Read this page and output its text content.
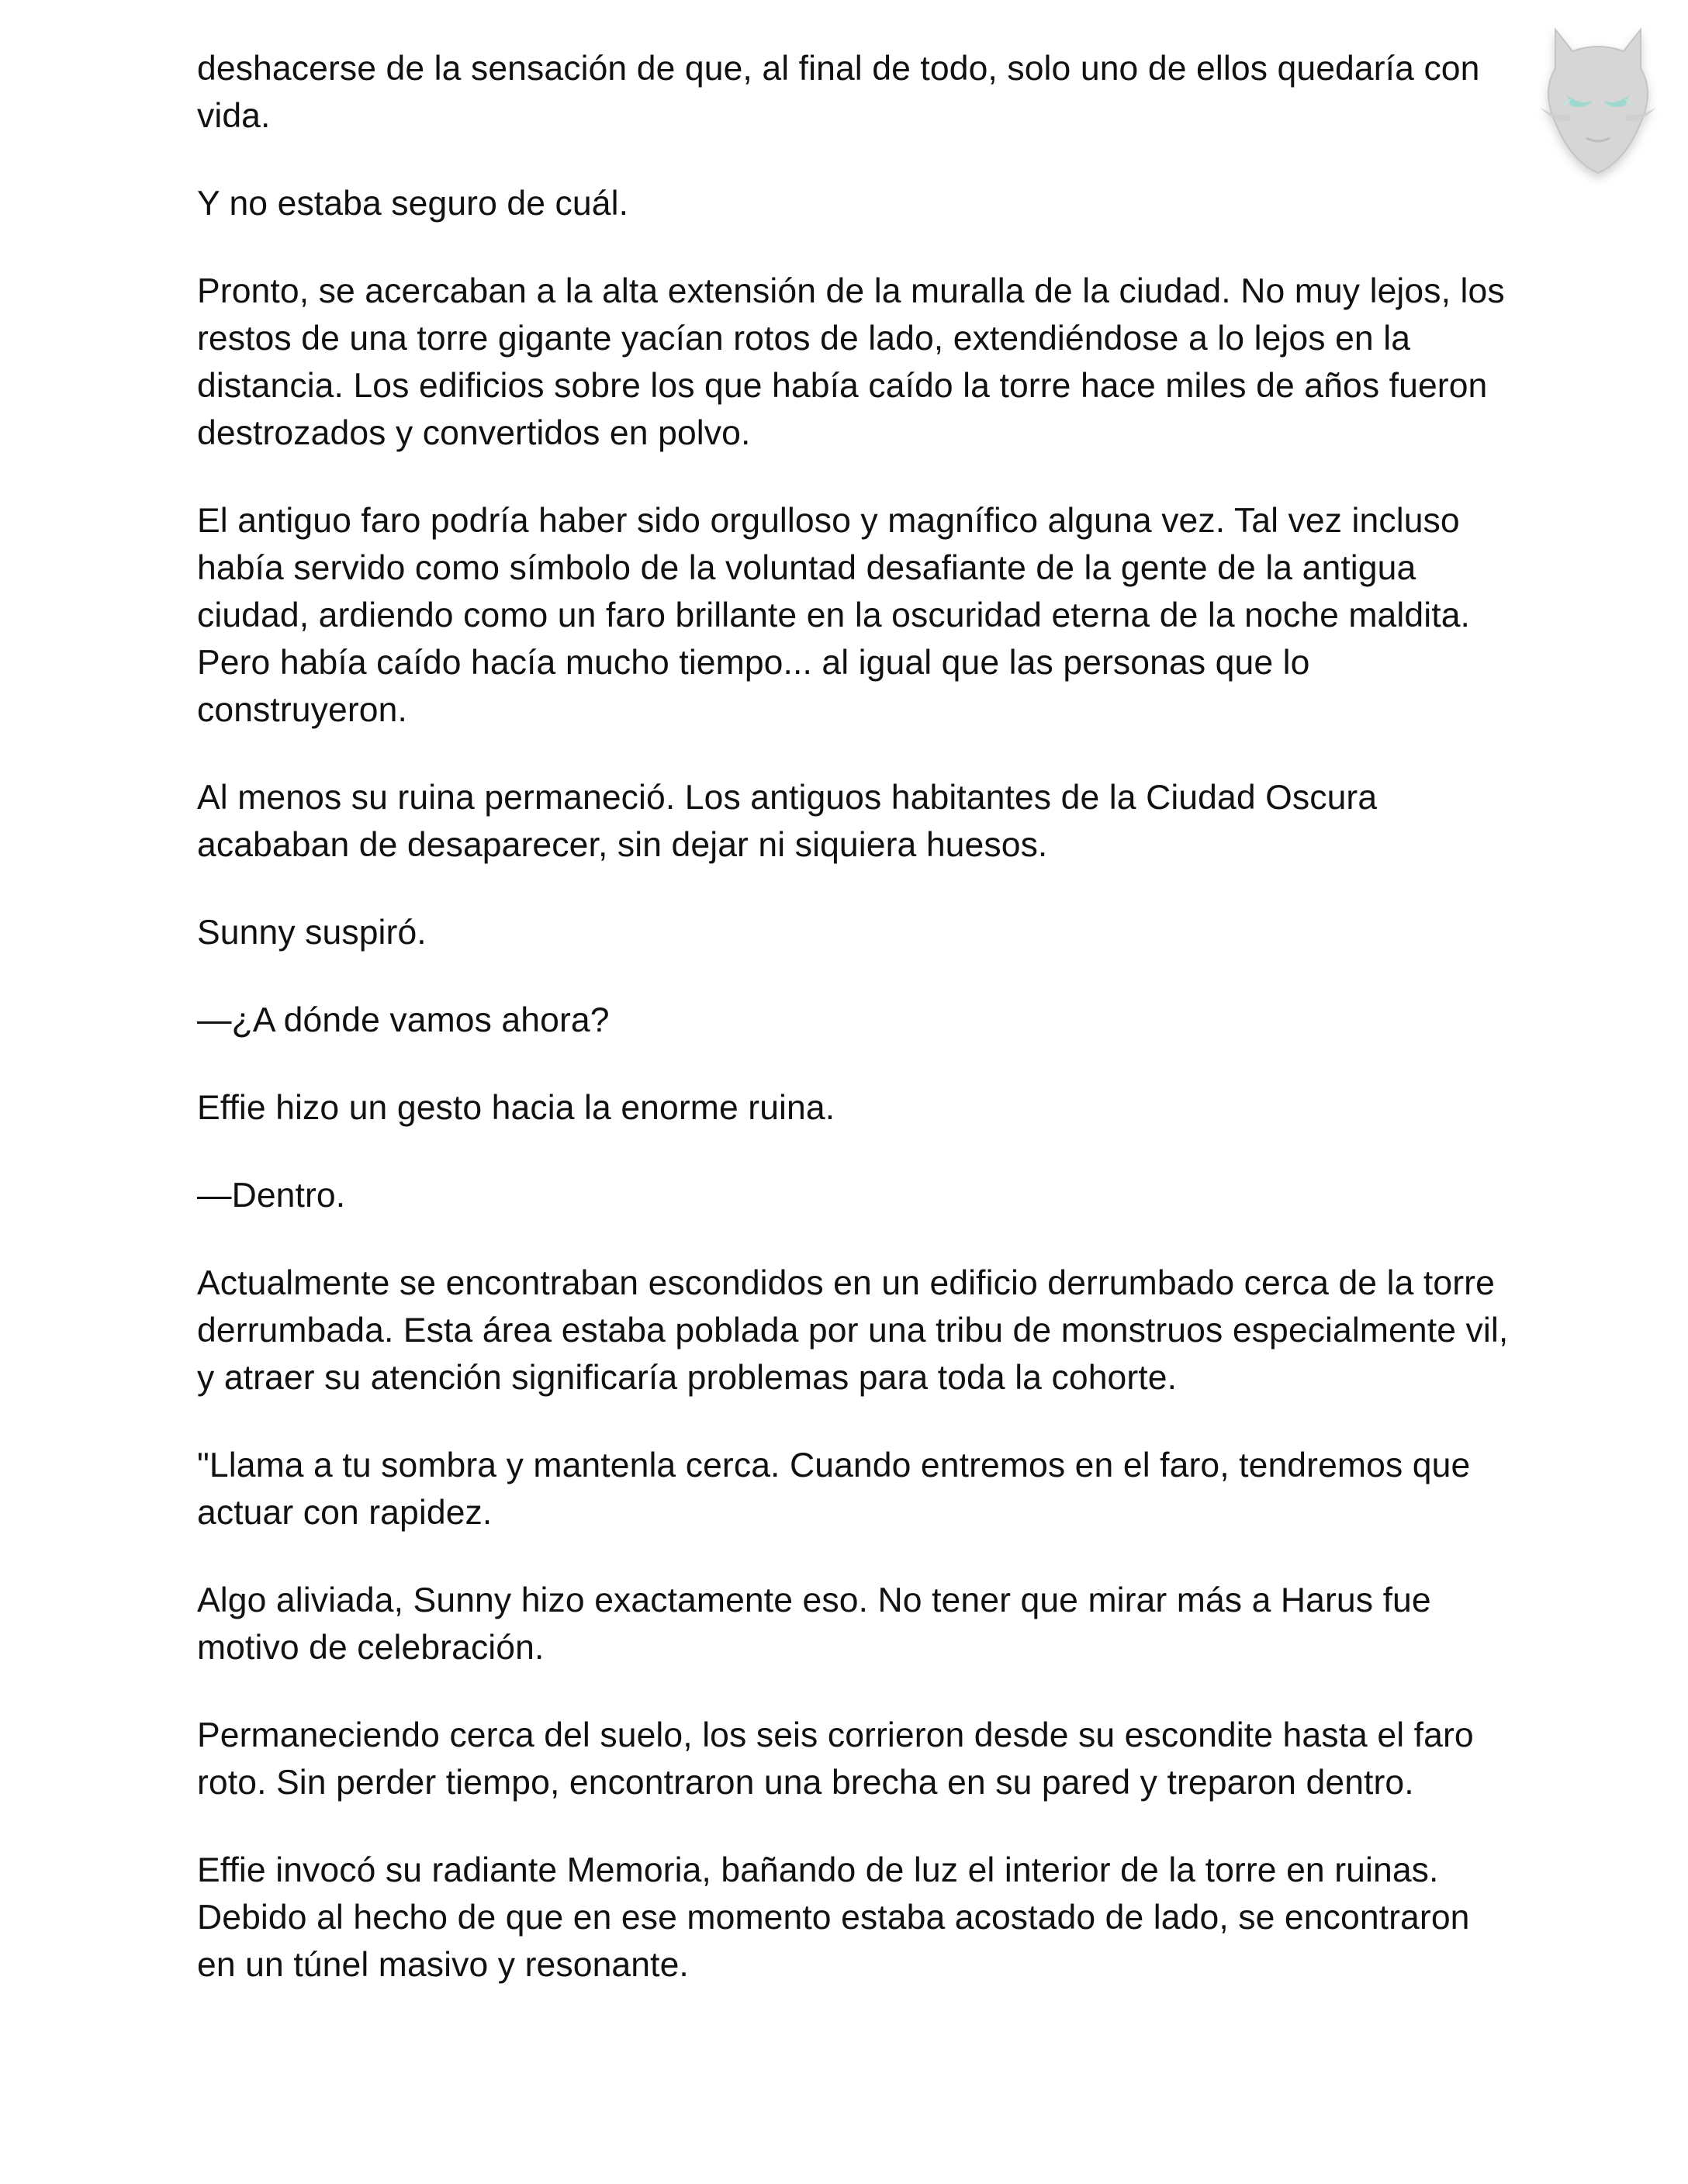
deshacerse de la sensación de que, al final de todo, solo uno de ellos quedaría con vida.

Y no estaba seguro de cuál.

Pronto, se acercaban a la alta extensión de la muralla de la ciudad. No muy lejos, los restos de una torre gigante yacían rotos de lado, extendiéndose a lo lejos en la distancia. Los edificios sobre los que había caído la torre hace miles de años fueron destrozados y convertidos en polvo.

El antiguo faro podría haber sido orgulloso y magnífico alguna vez. Tal vez incluso había servido como símbolo de la voluntad desafiante de la gente de la antigua ciudad, ardiendo como un faro brillante en la oscuridad eterna de la noche maldita. Pero había caído hacía mucho tiempo... al igual que las personas que lo construyeron.

Al menos su ruina permaneció. Los antiguos habitantes de la Ciudad Oscura acababan de desaparecer, sin dejar ni siquiera huesos.

Sunny suspiró.

—¿A dónde vamos ahora?

Effie hizo un gesto hacia la enorme ruina.

—Dentro.

Actualmente se encontraban escondidos en un edificio derrumbado cerca de la torre derrumbada. Esta área estaba poblada por una tribu de monstruos especialmente vil, y atraer su atención significaría problemas para toda la cohorte.

"Llama a tu sombra y mantenla cerca. Cuando entremos en el faro, tendremos que actuar con rapidez.

Algo aliviada, Sunny hizo exactamente eso. No tener que mirar más a Harus fue motivo de celebración.

Permaneciendo cerca del suelo, los seis corrieron desde su escondite hasta el faro roto. Sin perder tiempo, encontraron una brecha en su pared y treparon dentro.

Effie invocó su radiante Memoria, bañando de luz el interior de la torre en ruinas. Debido al hecho de que en ese momento estaba acostado de lado, se encontraron en un túnel masivo y resonante.
